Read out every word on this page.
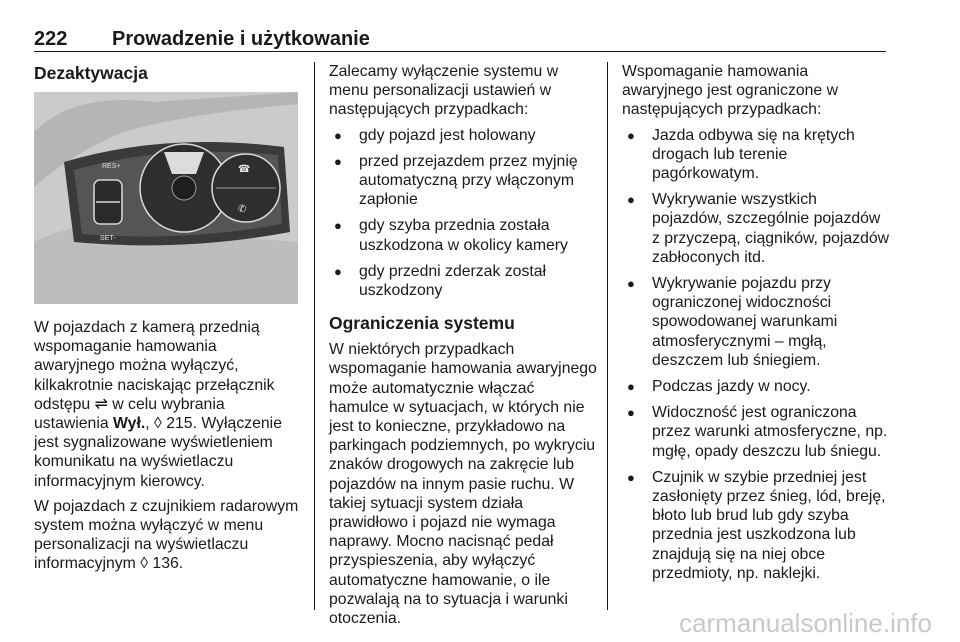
222 Prowadzenie i użytkowanie
Dezaktywacja
RES+
SET-
☎
✆

W pojazdach z kamerą przednią wspomaganie hamowania awaryjnego można wyłączyć, kilkakrotnie naciskając przełącznik odstępu ⇌ w celu wybrania ustawienia Wył., ◊ 215. Wyłączenie jest sygnalizowane wyświetleniem komunikatu na wyświetlaczu informacyjnym kierowcy.

W pojazdach z czujnikiem radarowym system można wyłączyć w menu personalizacji na wyświetlaczu informacyjnym ◊ 136.

Zalecamy wyłączenie systemu w menu personalizacji ustawień w następujących przypadkach:

● gdy pojazd jest holowany
● przed przejazdem przez myjnię automatyczną przy włączonym zapłonie
● gdy szyba przednia została uszkodzona w okolicy kamery
● gdy przedni zderzak został uszkodzony
Ograniczenia systemu

W niektórych przypadkach wspomaganie hamowania awaryjnego może automatycznie włączać hamulce w sytuacjach, w których nie jest to konieczne, przykładowo na parkingach podziemnych, po wykryciu znaków drogowych na zakręcie lub pojazdów na innym pasie ruchu. W takiej sytuacji system działa prawidłowo i pojazd nie wymaga naprawy. Mocno nacisnąć pedał przyspieszenia, aby wyłączyć automatyczne hamowanie, o ile pozwalają na to sytuacja i warunki otoczenia.

Wspomaganie hamowania awaryjnego jest ograniczone w następujących przypadkach:

● Jazda odbywa się na krętych drogach lub terenie pagórkowatym.
● Wykrywanie wszystkich pojazdów, szczególnie pojazdów z przyczepą, ciągników, pojazdów zabłoconych itd.
● Wykrywanie pojazdu przy ograniczonej widoczności spowodowanej warunkami atmosferycznymi – mgłą, deszczem lub śniegiem.
● Podczas jazdy w nocy.
● Widoczność jest ograniczona przez warunki atmosferyczne, np. mgłę, opady deszczu lub śniegu.
● Czujnik w szybie przedniej jest zasłonięty przez śnieg, lód, breję, błoto lub brud lub gdy szyba przednia jest uszkodzona lub znajdują się na niej obce przedmioty, np. naklejki.
carmanualsonline.info
